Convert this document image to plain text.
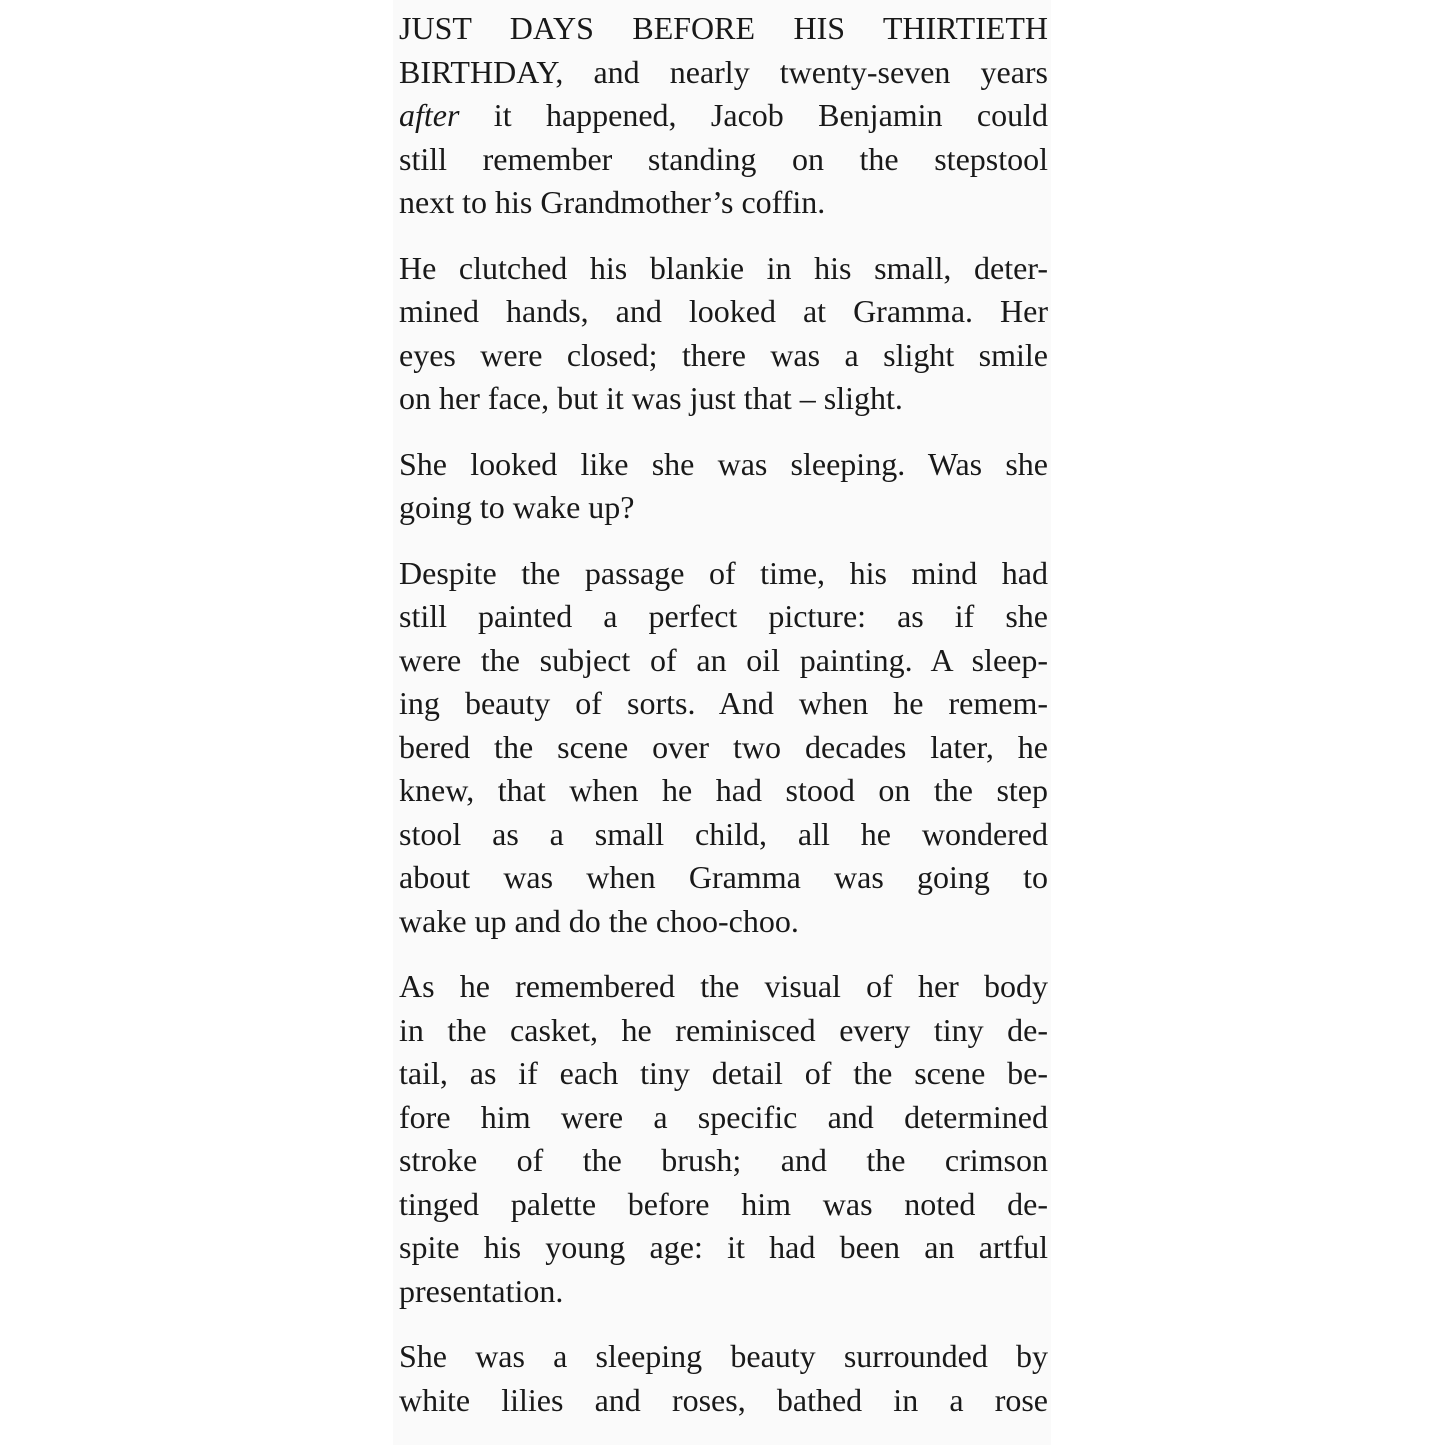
JUST DAYS BEFORE HIS THIRTIETH
BIRTHDAY, and nearly twenty-seven years
after it happened, Jacob Benjamin could
still remember standing on the stepstool
next to his Grandmother’s coffin.
He clutched his blankie in his small, deter-
mined hands, and looked at Gramma. Her
eyes were closed; there was a slight smile
on her face, but it was just that – slight.
She looked like she was sleeping. Was she
going to wake up?
Despite the passage of time, his mind had
still painted a perfect picture: as if she
were the subject of an oil painting. A sleep-
ing beauty of sorts. And when he remem-
bered the scene over two decades later, he
knew, that when he had stood on the step
stool as a small child, all he wondered
about was when Gramma was going to
wake up and do the choo-choo.
As he remembered the visual of her body
in the casket, he reminisced every tiny de-
tail, as if each tiny detail of the scene be-
fore him were a specific and determined
stroke of the brush; and the crimson
tinged palette before him was noted de-
spite his young age: it had been an artful
presentation.
She was a sleeping beauty surrounded by
white lilies and roses, bathed in a rose
